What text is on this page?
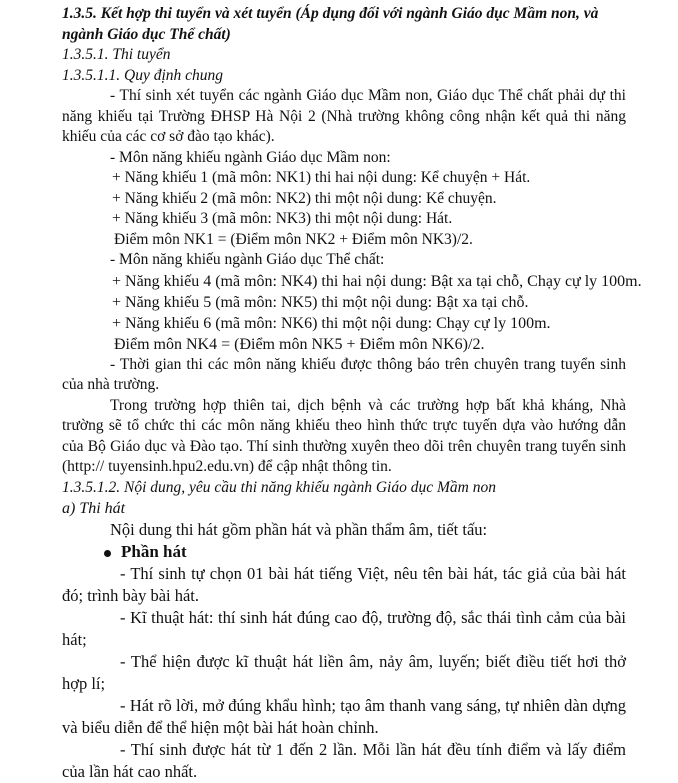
1.3.5. Kết hợp thi tuyển và xét tuyển (Áp dụng đối với ngành Giáo dục Mầm non, và ngành Giáo dục Thể chất)
1.3.5.1. Thi tuyển
1.3.5.1.1. Quy định chung
- Thí sinh xét tuyển các ngành Giáo dục Mầm non, Giáo dục Thể chất phải dự thi năng khiếu tại Trường ĐHSP Hà Nội 2 (Nhà trường không công nhận kết quả thi năng khiếu của các cơ sở đào tạo khác).
- Môn năng khiếu ngành Giáo dục Mầm non:
+ Năng khiếu 1 (mã môn: NK1) thi hai nội dung: Kể chuyện + Hát.
+ Năng khiếu 2 (mã môn: NK2) thi một nội dung: Kể chuyện.
+ Năng khiếu 3 (mã môn: NK3) thi một nội dung: Hát.
Điểm môn NK1 = (Điểm môn NK2 + Điểm môn NK3)/2.
- Môn năng khiếu ngành Giáo dục Thể chất:
+ Năng khiếu 4 (mã môn: NK4) thi hai nội dung: Bật xa tại chỗ, Chạy cự ly 100m.
+ Năng khiếu 5 (mã môn: NK5) thi một nội dung: Bật xa tại chỗ.
+ Năng khiếu 6 (mã môn: NK6) thi một nội dung: Chạy cự ly 100m.
Điểm môn NK4 = (Điểm môn NK5 + Điểm môn NK6)/2.
- Thời gian thi các môn năng khiếu được thông báo trên chuyên trang tuyển sinh của nhà trường.
Trong trường hợp thiên tai, dịch bệnh và các trường hợp bất khả kháng, Nhà trường sẽ tổ chức thi các môn năng khiếu theo hình thức trực tuyến dựa vào hướng dẫn của Bộ Giáo dục và Đào tạo. Thí sinh thường xuyên theo dõi trên chuyên trang tuyển sinh (http:// tuyensinh.hpu2.edu.vn) để cập nhật thông tin.
1.3.5.1.2. Nội dung, yêu cầu thi năng khiếu ngành Giáo dục Mầm non
a) Thi hát
Nội dung thi hát gồm phần hát và phần thẩm âm, tiết tấu:
Phần hát
- Thí sinh tự chọn 01 bài hát tiếng Việt, nêu tên bài hát, tác giả của bài hát đó; trình bày bài hát.
- Kĩ thuật hát: thí sinh hát đúng cao độ, trường độ, sắc thái tình cảm của bài hát;
- Thể hiện được kĩ thuật hát liền âm, nảy âm, luyến; biết điều tiết hơi thở hợp lí;
- Hát rõ lời, mở đúng khẩu hình; tạo âm thanh vang sáng, tự nhiên dàn dựng và biểu diễn để thể hiện một bài hát hoàn chỉnh.
- Thí sinh được hát từ 1 đến 2 lần. Mỗi lần hát đều tính điểm và lấy điểm của lần hát cao nhất.
